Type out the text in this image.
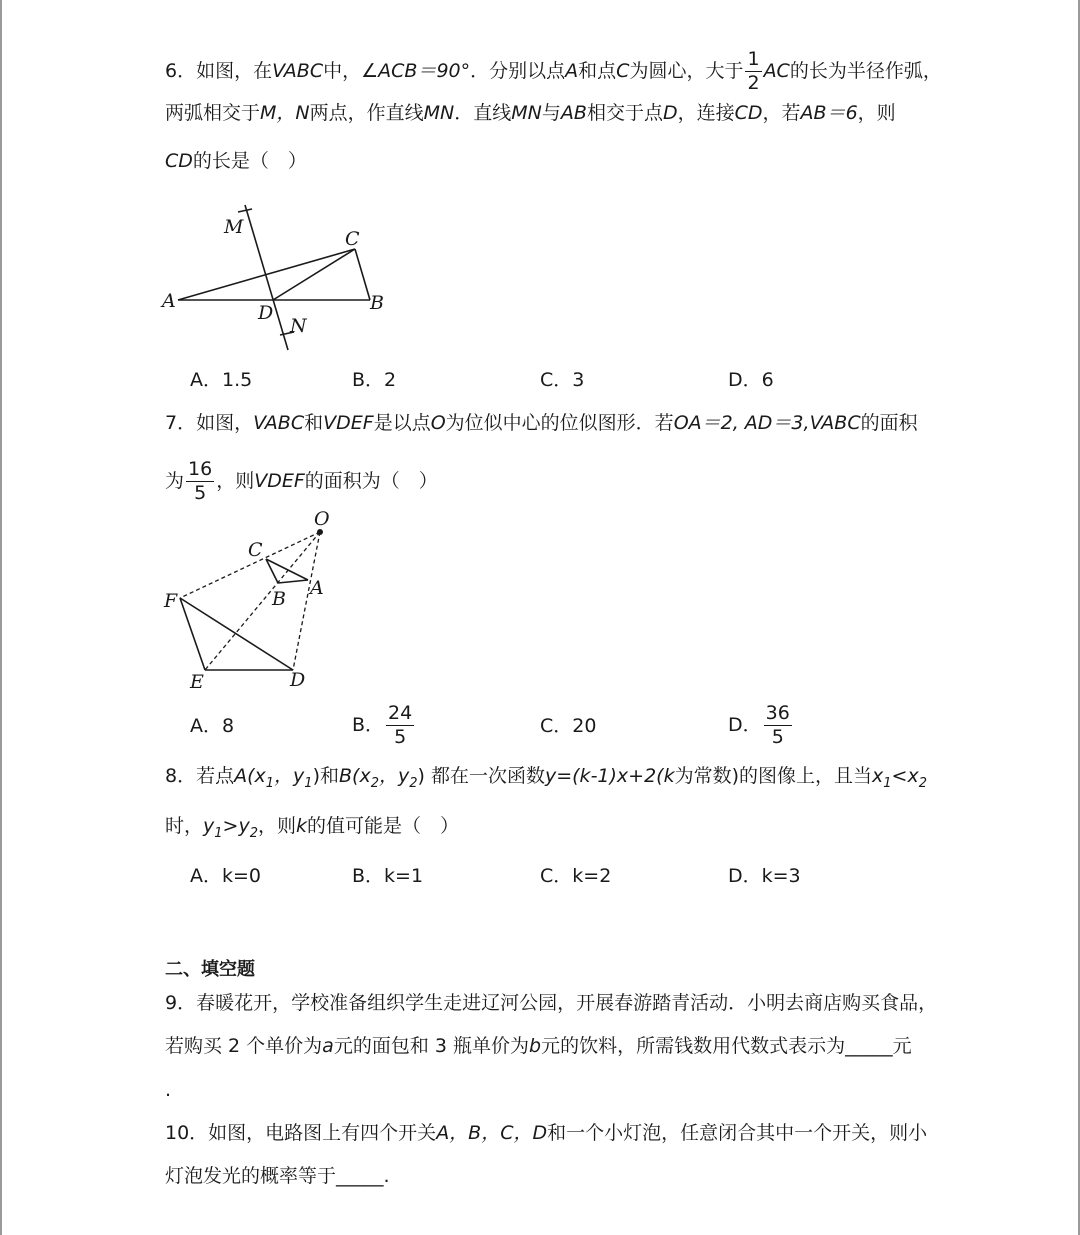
6．如图，在VABC中，∠ACB＝90°．分别以点A和点C为圆心，大于 $\frac{1}{2}$ AC的长为半径作弧，
两弧相交于M，N两点，作直线MN．直线MN与AB相交于点D，连接CD，若AB＝6，则
CD的长是（　）
M
C
A
D	B
N
A．1.5	B．2	C．3	D．6
7．如图，VABC和VDEF是以点O为位似中心的位似图形．若OA＝2, AD＝3,VABC的面积
为 $\frac{16}{5}$ ，则VDEF的面积为（　）
O
C
A
B
F
E	D
A．8	B． $\frac{24}{5}$	C．20	D． $\frac{36}{5}$
8．若点$A(x_1$，$y_1$)和$B(x_2$，$y_2$) 都在一次函数y=(k-1)x+2(k为常数)的图像上，且当$x_1<x_2$
时，$y_1>y_2$，则k的值可能是（　）
A．k=0	B．k=1	C．k=2	D．k=3
二、填空题
9．春暖花开，学校准备组织学生走进辽河公园，开展春游踏青活动．小明去商店购买食品，
若购买 2 个单价为a元的面包和 3 瓶单价为b元的饮料，所需钱数用代数式表示为_____元
.
10．如图，电路图上有四个开关A，B，C，D和一个小灯泡，任意闭合其中一个开关，则小
灯泡发光的概率等于_____.
